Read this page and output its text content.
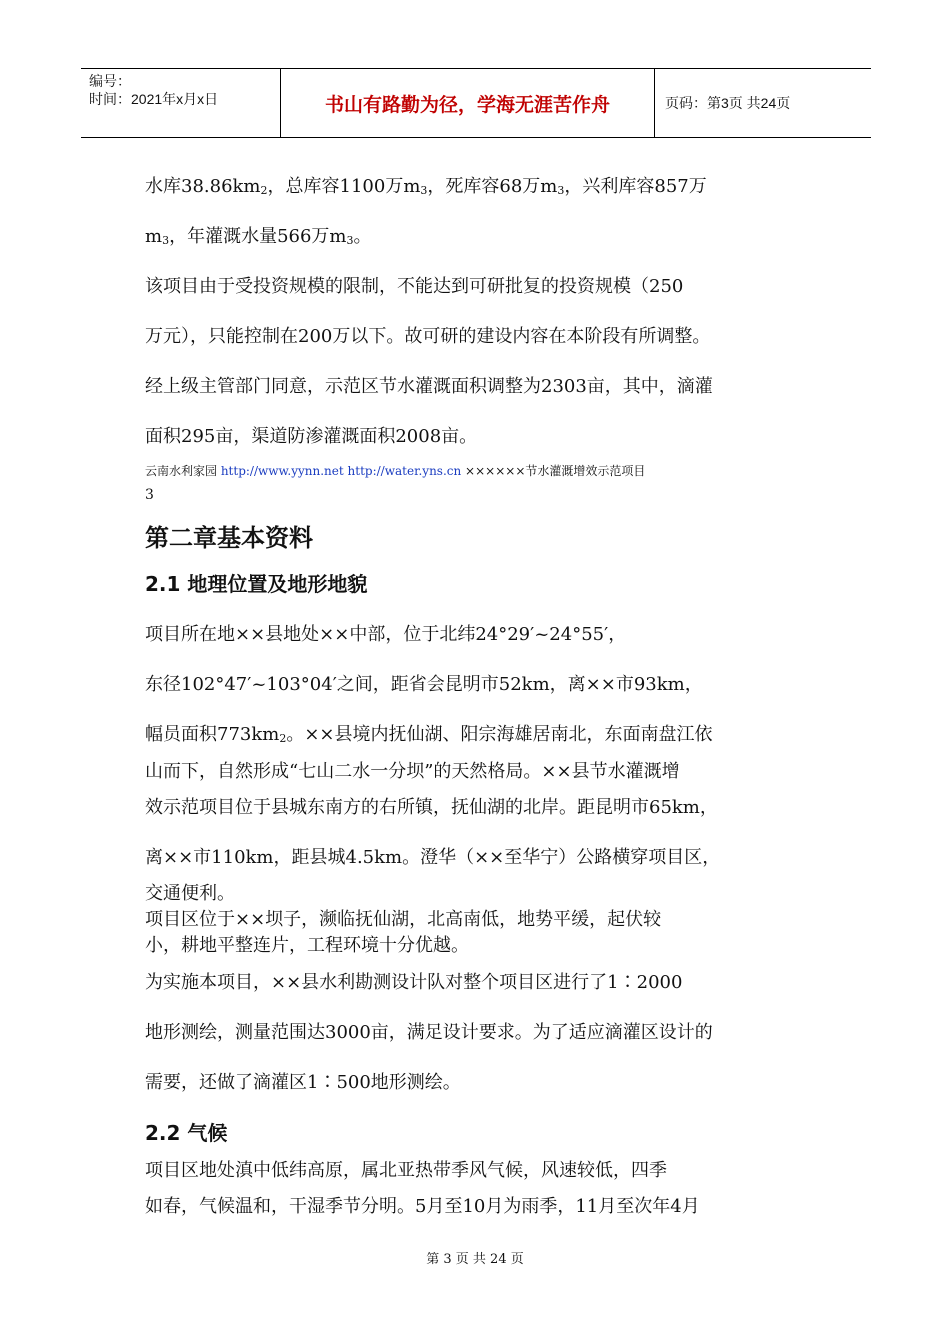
编号：
时间：2021年x月x日	书山有路勤为径，学海无涯苦作舟	页码：第3页 共24页
水库$38.86km_2$，总库容1100万$m_3$，死库容68万$m_3$，兴利库容857万
$m_3$，年灌溉水量566万$m_3$。
该项目由于受投资规模的限制，不能达到可研批复的投资规模（250
万元），只能控制在200万以下。故可研的建设内容在本阶段有所调整。
经上级主管部门同意，示范区节水灌溉面积调整为2303亩，其中，滴灌
面积295亩，渠道防渗灌溉面积2008亩。
云南水利家园 http://www.yynn.net http://water.yns.cn ××××××节水灌溉增效示范项目
3
第二章基本资料
2.1 地理位置及地形地貌
项目所在地××县地处××中部，位于北纬24°29′~24°55′，
东径102°47′~103°04′之间，距省会昆明市52km，离××市93km，
幅员面积$773km_2$。××县境内抚仙湖、阳宗海雄居南北，东面南盘江依
山而下，自然形成“七山二水一分坝”的天然格局。××县节水灌溉增
效示范项目位于县城东南方的右所镇，抚仙湖的北岸。距昆明市65km，
离××市110km，距县城4.5km。澄华（××至华宁）公路横穿项目区，
交通便利。
项目区位于××坝子，濒临抚仙湖，北高南低，地势平缓，起伏较
小，耕地平整连片，工程环境十分优越。
为实施本项目，××县水利勘测设计队对整个项目区进行了1∶2000
地形测绘，测量范围达3000亩，满足设计要求。为了适应滴灌区设计的
需要，还做了滴灌区1∶500地形测绘。
2.2 气候
项目区地处滇中低纬高原，属北亚热带季风气候，风速较低，四季
如春，气候温和，干湿季节分明。5月至10月为雨季，11月至次年4月
第 3 页 共 24 页
